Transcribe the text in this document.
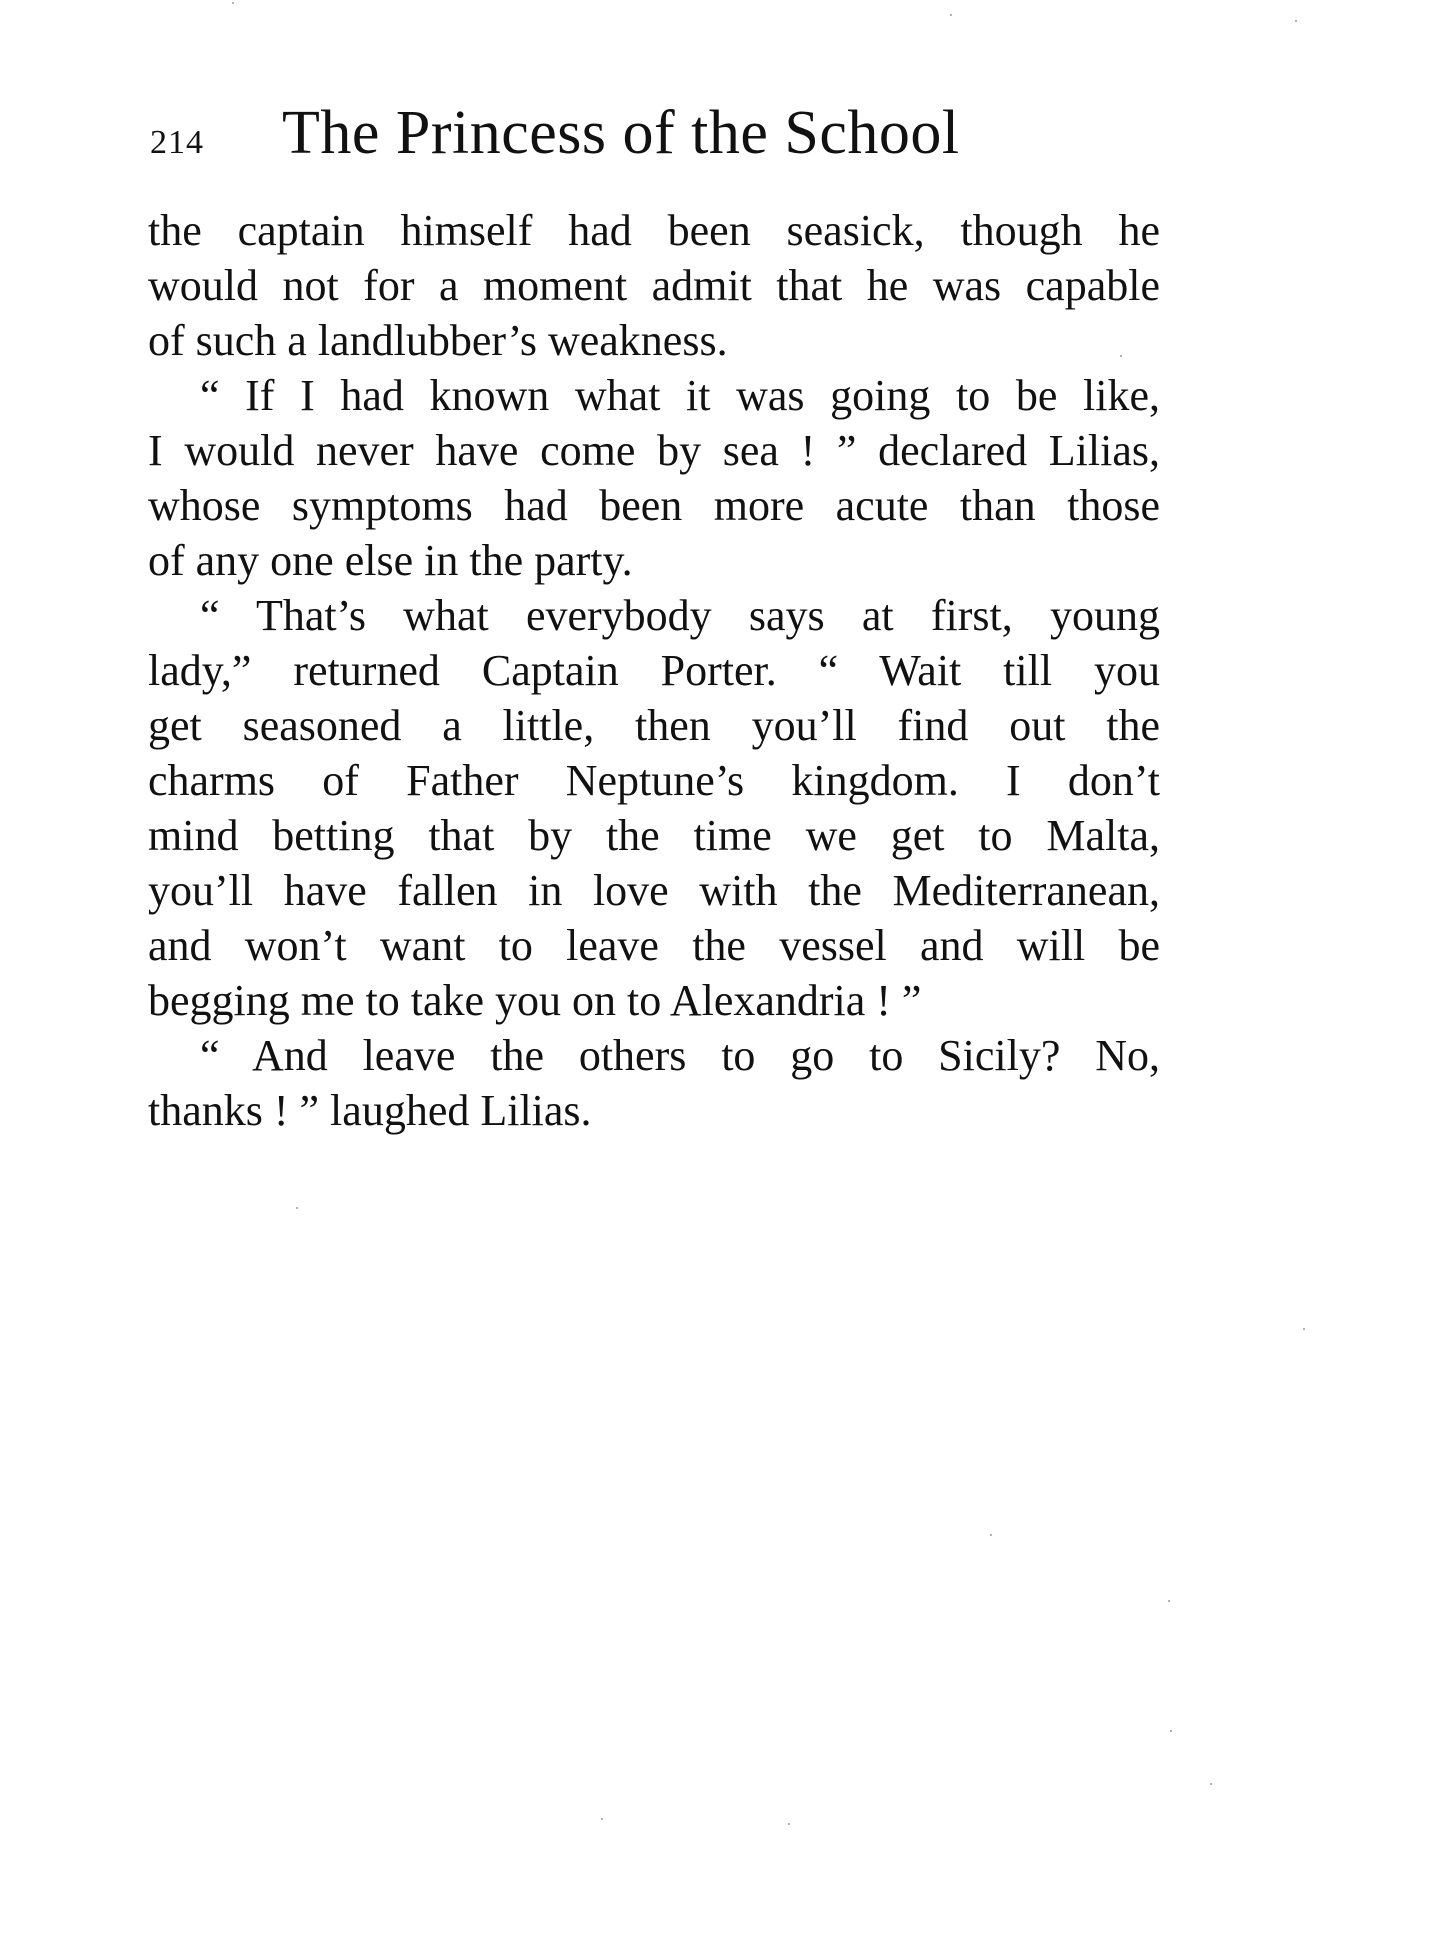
214 The Princess of the School
the captain himself had been seasick, though he
would not for a moment admit that he was capable
of such a landlubber’s weakness.
“ If I had known what it was going to be like,
I would never have come by sea ! ” declared Lilias,
whose symptoms had been more acute than those
of any one else in the party.
“ That’s what everybody says at first, young
lady,” returned Captain Porter. “ Wait till you
get seasoned a little, then you’ll find out the
charms of Father Neptune’s kingdom. I don’t
mind betting that by the time we get to Malta,
you’ll have fallen in love with the Mediterranean,
and won’t want to leave the vessel and will be
begging me to take you on to Alexandria ! ”
“ And leave the others to go to Sicily? No,
thanks ! ” laughed Lilias.
